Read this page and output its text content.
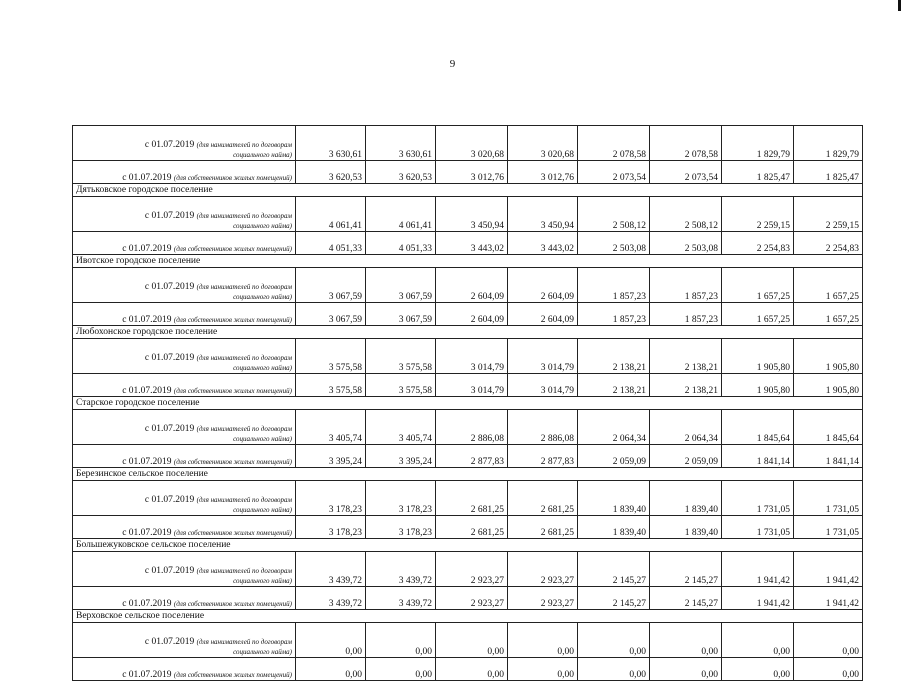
9
с 01.07.2019 (для нанимателей по договорам
социального найма)	3 630,61	3 630,61	3 020,68	3 020,68	2 078,58	2 078,58	1 829,79	1 829,79
с 01.07.2019 (для собственников жилых помещений)	3 620,53	3 620,53	3 012,76	3 012,76	2 073,54	2 073,54	1 825,47	1 825,47
Дятьковское городское поселение								

с 01.07.2019 (для нанимателей по договорам
социального найма)	4 061,41	4 061,41	3 450,94	3 450,94	2 508,12	2 508,12	2 259,15	2 259,15
с 01.07.2019 (для собственников жилых помещений)	4 051,33	4 051,33	3 443,02	3 443,02	2 503,08	2 503,08	2 254,83	2 254,83
Ивотское городское поселение								

с 01.07.2019 (для нанимателей по договорам
социального найма)	3 067,59	3 067,59	2 604,09	2 604,09	1 857,23	1 857,23	1 657,25	1 657,25
с 01.07.2019 (для собственников жилых помещений)	3 067,59	3 067,59	2 604,09	2 604,09	1 857,23	1 857,23	1 657,25	1 657,25
Любохонское городское поселение								

с 01.07.2019 (для нанимателей по договорам
социального найма)	3 575,58	3 575,58	3 014,79	3 014,79	2 138,21	2 138,21	1 905,80	1 905,80
с 01.07.2019 (для собственников жилых помещений)	3 575,58	3 575,58	3 014,79	3 014,79	2 138,21	2 138,21	1 905,80	1 905,80
Старское городское поселение								

с 01.07.2019 (для нанимателей по договорам
социального найма)	3 405,74	3 405,74	2 886,08	2 886,08	2 064,34	2 064,34	1 845,64	1 845,64
с 01.07.2019 (для собственников жилых помещений)	3 395,24	3 395,24	2 877,83	2 877,83	2 059,09	2 059,09	1 841,14	1 841,14
Березинское сельское поселение								

с 01.07.2019 (для нанимателей по договорам
социального найма)	3 178,23	3 178,23	2 681,25	2 681,25	1 839,40	1 839,40	1 731,05	1 731,05
с 01.07.2019 (для собственников жилых помещений)	3 178,23	3 178,23	2 681,25	2 681,25	1 839,40	1 839,40	1 731,05	1 731,05
Большежуковское сельское поселение								

с 01.07.2019 (для нанимателей по договорам
социального найма)	3 439,72	3 439,72	2 923,27	2 923,27	2 145,27	2 145,27	1 941,42	1 941,42
с 01.07.2019 (для собственников жилых помещений)	3 439,72	3 439,72	2 923,27	2 923,27	2 145,27	2 145,27	1 941,42	1 941,42
Верховское сельское поселение								

с 01.07.2019 (для нанимателей по договорам
социального найма)	0,00	0,00	0,00	0,00	0,00	0,00	0,00	0,00
с 01.07.2019 (для собственников жилых помещений)	0,00	0,00	0,00	0,00	0,00	0,00	0,00	0,00
